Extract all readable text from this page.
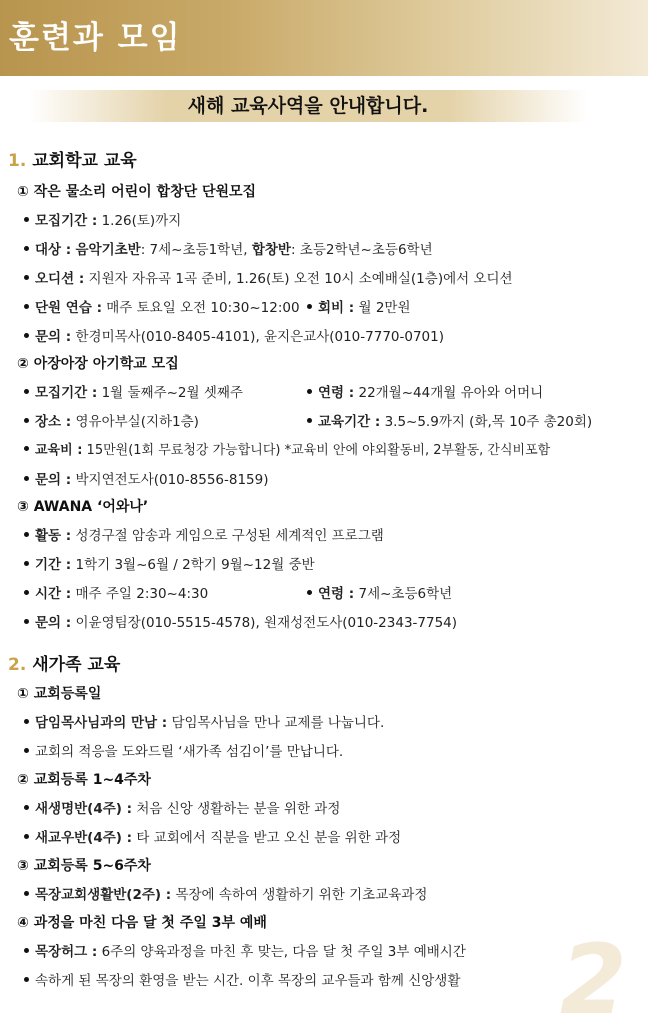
훈련과 모임
새해 교육사역을 안내합니다.
1. 교회학교 교육
① 작은 물소리 어린이 합창단 단원모집
모집기간 : 1.26(토)까지
대상 : 음악기초반: 7세~초등1학년, 합창반: 초등2학년~초등6학년
오디션 : 지원자 자유곡 1곡 준비, 1.26(토) 오전 10시 소예배실(1층)에서 오디션
단원 연습 : 매주 토요일 오전 10:30~12:00	회비 : 월 2만원
문의 : 한경미목사(010-8405-4101), 윤지은교사(010-7770-0701)
② 아장아장 아기학교 모집
모집기간 : 1월 둘째주~2월 셋째주	연령 : 22개월~44개월 유아와 어머니
장소 : 영유아부실(지하1층)	교육기간 : 3.5~5.9까지 (화,목 10주 총20회)
교육비 : 15만원(1회 무료청강 가능합니다) *교육비 안에 야외활동비, 2부활동, 간식비포함
문의 : 박지연전도사(010-8556-8159)
③ AWANA ‘어와나’
활동 : 성경구절 암송과 게임으로 구성된 세계적인 프로그램
기간 : 1학기 3월~6월 / 2학기 9월~12월 중반
시간 : 매주 주일 2:30~4:30	연령 : 7세~초등6학년
문의 : 이윤영팀장(010-5515-4578), 원재성전도사(010-2343-7754)
2. 새가족 교육
① 교회등록일
담임목사님과의 만남 : 담임목사님을 만나 교제를 나눕니다.
교회의 적응을 도와드릴 ‘새가족 섬김이’를 만납니다.
② 교회등록 1~4주차
새생명반(4주) : 처음 신앙 생활하는 분을 위한 과정
새교우반(4주) : 타 교회에서 직분을 받고 오신 분을 위한 과정
③ 교회등록 5~6주차
목장교회생활반(2주) : 목장에 속하여 생활하기 위한 기초교육과정
④ 과정을 마친 다음 달 첫 주일 3부 예배
목장허그 : 6주의 양육과정을 마친 후 맞는, 다음 달 첫 주일 3부 예배시간
속하게 된 목장의 환영을 받는 시간. 이후 목장의 교우들과 함께 신앙생활	2
